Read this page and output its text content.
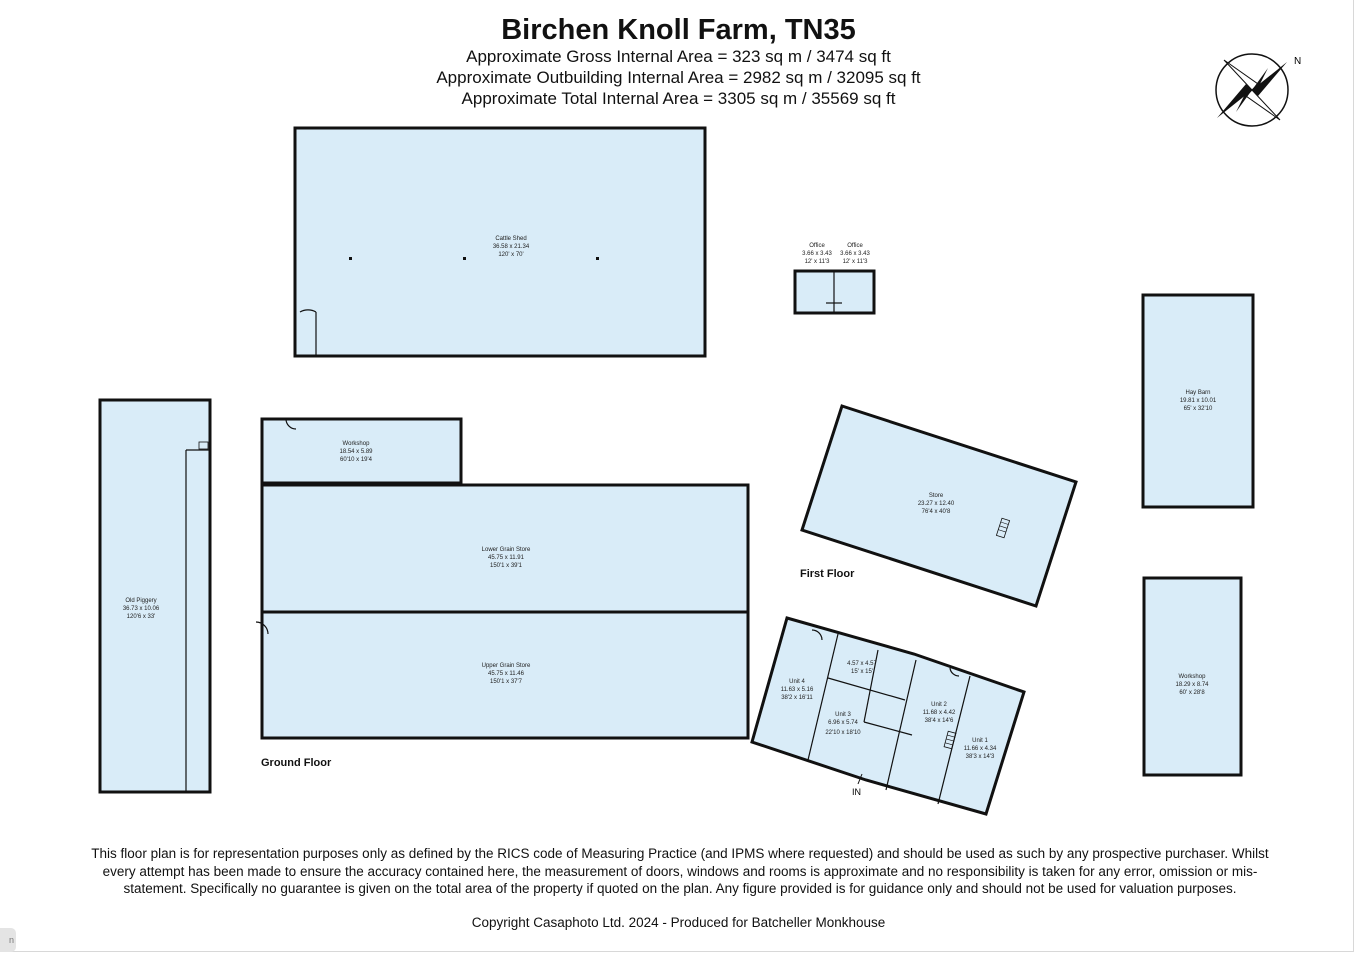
Birchen Knoll Farm, TN35
Approximate Gross Internal Area = 323 sq m / 3474 sq ft
Approximate Outbuilding Internal Area = 2982 sq m / 32095 sq ft
Approximate Total Internal Area = 3305 sq m / 35569 sq ft
N
Cattle Shed
36.58 x 21.34
120' x 70'
Office
3.66 x 3.43
12' x 11'3
Office
3.66 x 3.43
12' x 11'3
Hay Barn
19.81 x 10.01
65' x 32'10
Old Piggery
36.73 x 10.06
120'6 x 33'
Workshop
18.54 x 5.89
60'10 x 19'4
Lower Grain Store
45.75 x 11.91
150'1 x 39'1
Upper Grain Store
45.75 x 11.46
150'1 x 37'7
Store
23.27 x 12.40
76'4 x 40'8
Workshop
18.29 x 8.74
60' x 28'8
Unit 4
11.63 x 5.16
38'2 x 16'11
4.57 x 4.57
15' x 15'
Unit 3
6.96 x 5.74
22'10 x 18'10
Unit 2
11.68 x 4.42
38'4 x 14'6
Unit 1
11.66 x 4.34
38'3 x 14'3
IN
Ground Floor
First Floor
This floor plan is for representation purposes only as defined by the RICS code of Measuring Practice (and IPMS where requested) and should be used as such by any prospective purchaser. Whilst every attempt has been made to ensure the accuracy contained here, the measurement of doors, windows and rooms is approximate and no responsibility is taken for any error, omission or mis-statement. Specifically no guarantee is given on the total area of the property if quoted on the plan. Any figure provided is for guidance only and should not be used for valuation purposes.
Copyright Casaphoto Ltd. 2024 - Produced for Batcheller Monkhouse
n
